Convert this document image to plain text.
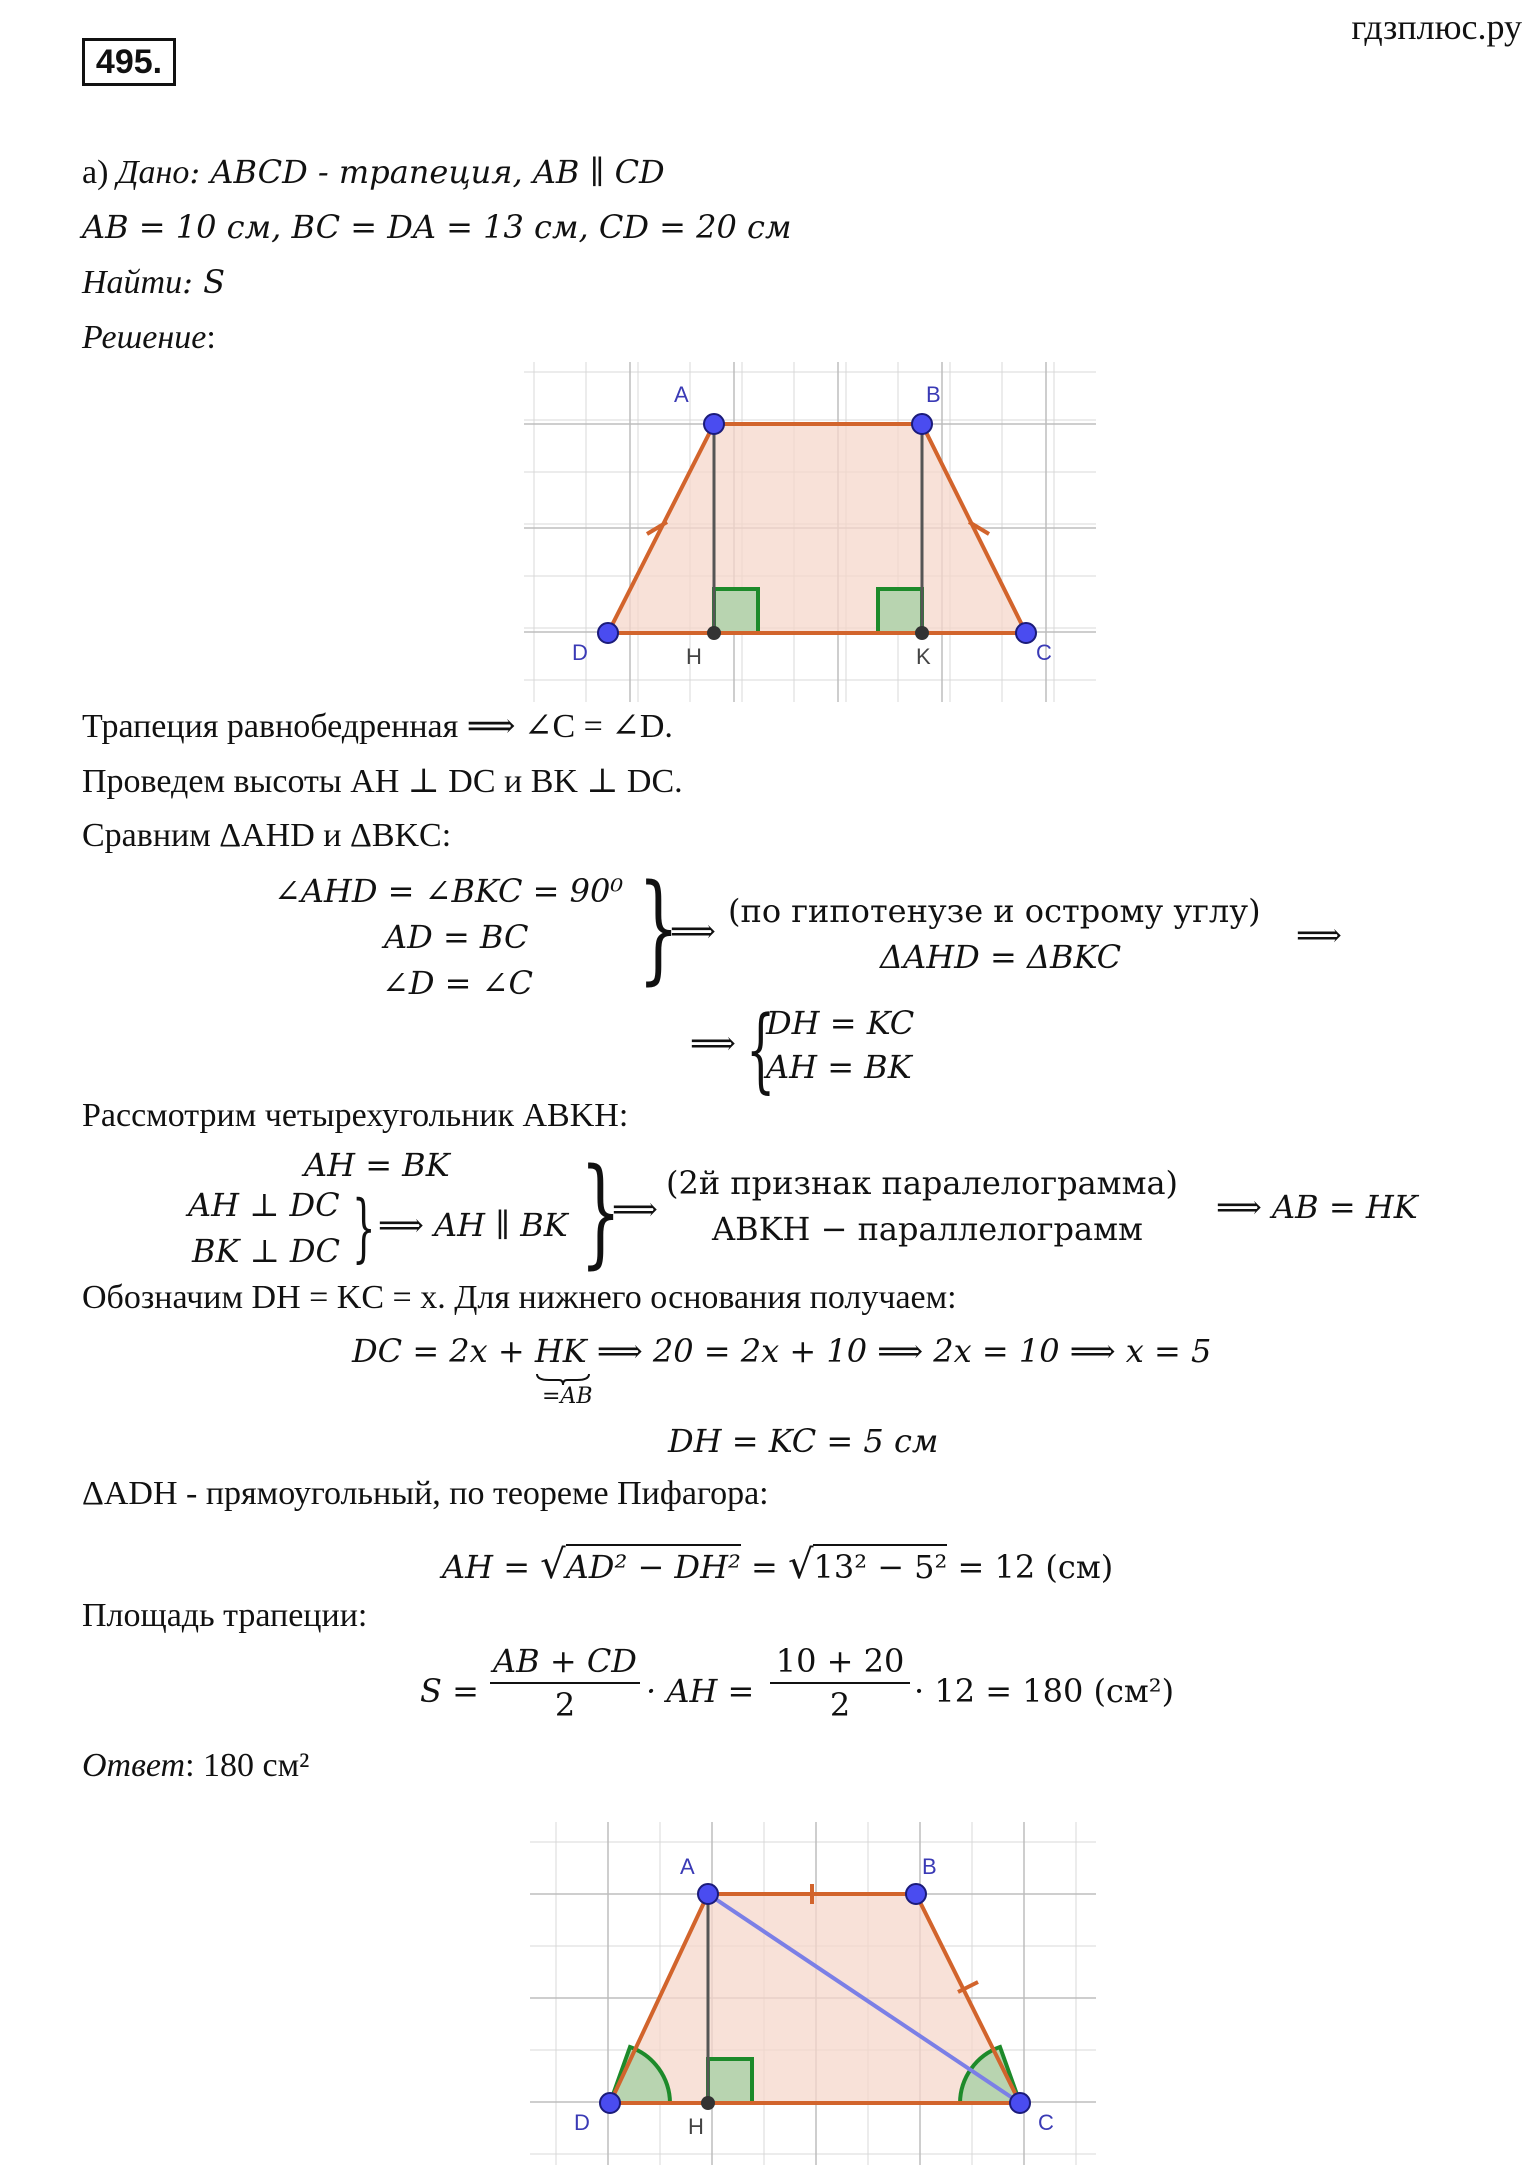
495.
гдзплюс.ру
а) Дано: ABCD - трапеция, AB ∥ CD
AB = 10 см, BC = DA = 13 см, CD = 20 см
Найти: S
Решение:
A	B
C
D	H	K
Трапеция равнобедренная ⟹ ∠C = ∠D.
Проведем высоты AH ⊥ DC и BK ⊥ DC.
Сравним ΔAHD и ΔBKC:
∠AHD = ∠BKC = 90⁰
AD = BC
∠D = ∠C }
⟹
(по гипотенузе и острому углу)
ΔAHD = ΔBKC
⟹
⟹ {
DH = KC
AH = BK
Рассмотрим четырехугольник ABKH:
AH = BK
AH ⊥ DC
BK ⊥ DC } ⟹ AH ∥ BK }
⟹
(2й признак паралелограмма)
ABKH − параллелограмм
⟹ AB = HK
Обозначим DH = KC = x. Для нижнего основания получаем:
DC = 2x + HK
⟹ 20 = 2x + 10 ⟹ 2x = 10 ⟹ x = 5
=AB
DH = KC = 5 см
ΔADH - прямоугольный, по теореме Пифагора:
AH = √AD² − DH² = √13² − 5² = 12 (см)
Площадь трапеции:
S =
AB + CD
2	· AH =
10 + 20
2	· 12 = 180 (см²)
Ответ: 180 см²
A	B
C
D	H
